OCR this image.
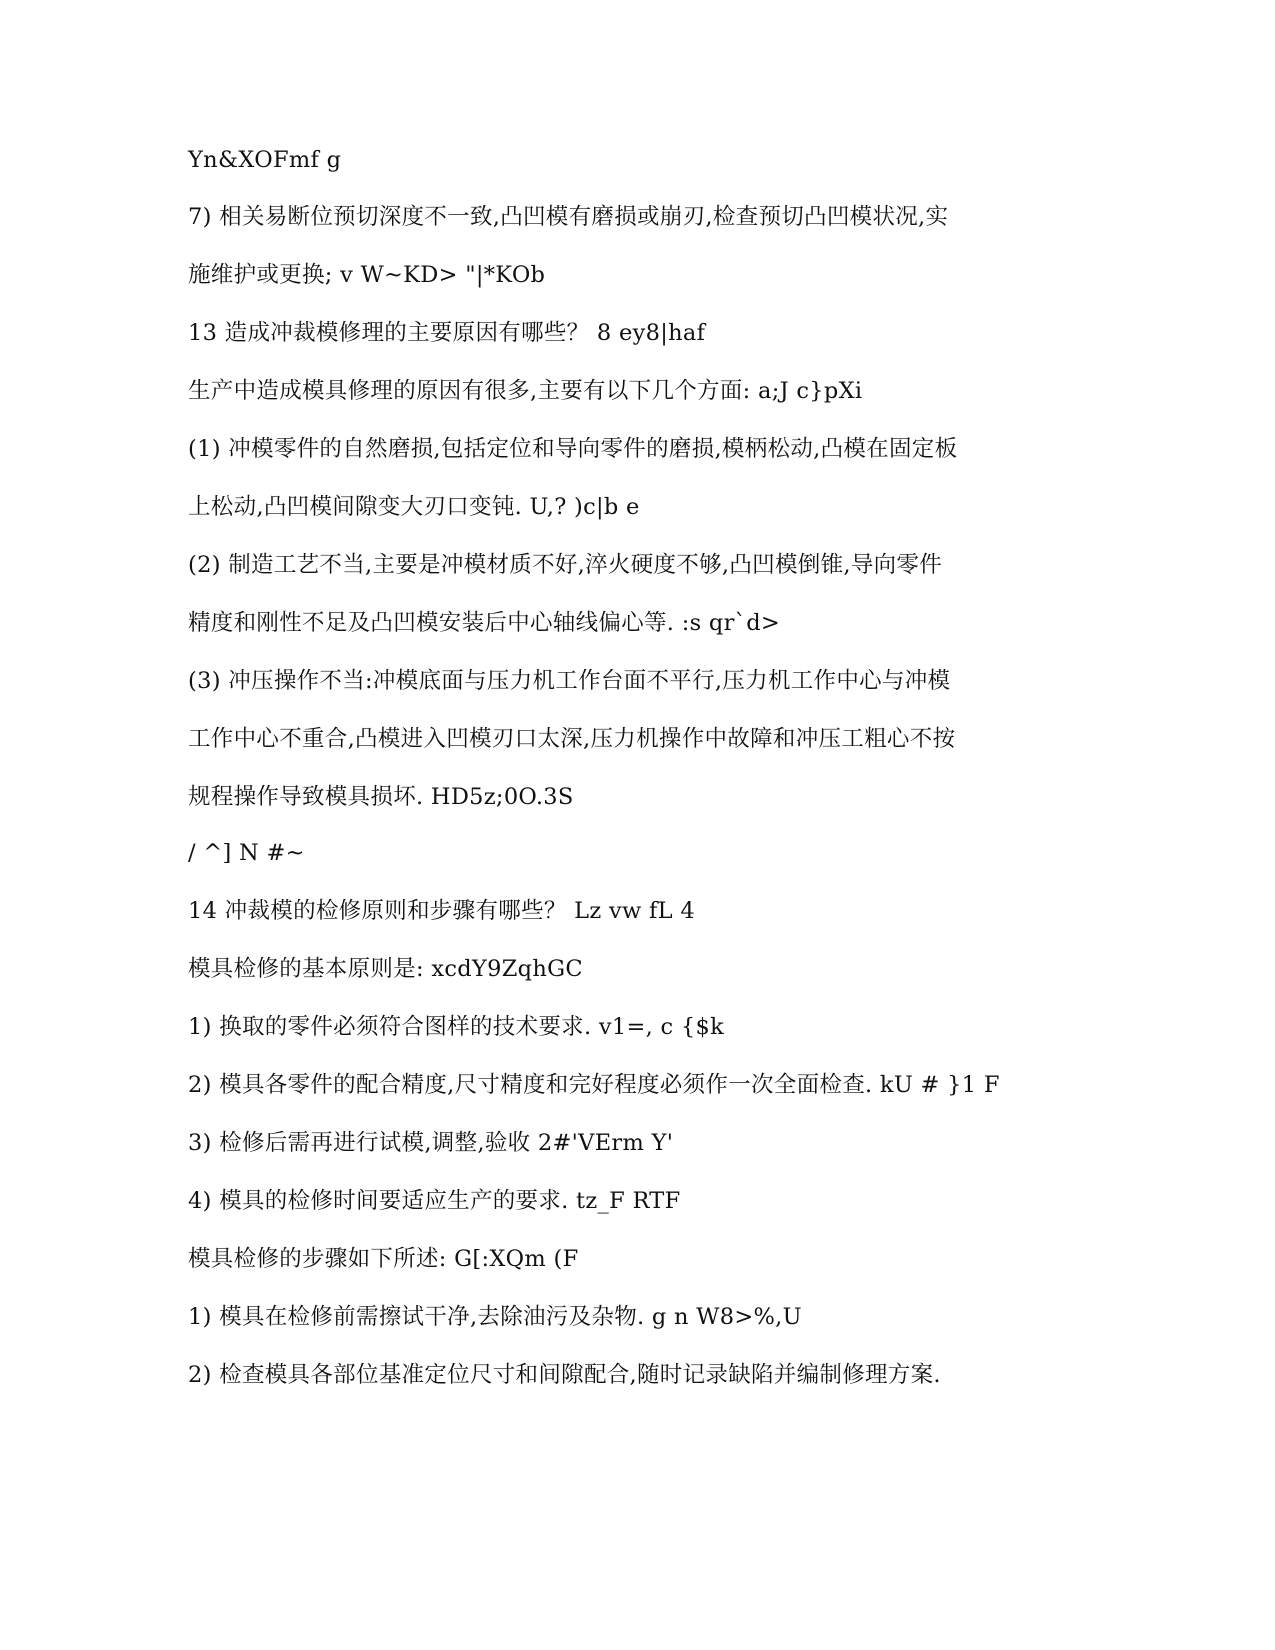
Yn&XOFmf g
7) 相关易断位预切深度不一致,凸凹模有磨损或崩刃,检查预切凸凹模状况,实
施维护或更换; v W~KD> "|*KOb
13 造成冲裁模修理的主要原因有哪些？ 8 ey8|haf
生产中造成模具修理的原因有很多,主要有以下几个方面: a;J c}pXi
(1) 冲模零件的自然磨损,包括定位和导向零件的磨损,模柄松动,凸模在固定板
上松动,凸凹模间隙变大刃口变钝. U,? )c|b e
(2) 制造工艺不当,主要是冲模材质不好,淬火硬度不够,凸凹模倒锥,导向零件
精度和刚性不足及凸凹模安装后中心轴线偏心等. :s qr`d>
(3) 冲压操作不当:冲模底面与压力机工作台面不平行,压力机工作中心与冲模
工作中心不重合,凸模进入凹模刃口太深,压力机操作中故障和冲压工粗心不按
规程操作导致模具损坏. HD5z;0O.3S
/ ^] N #~
14 冲裁模的检修原则和步骤有哪些？ Lz vw fL 4
模具检修的基本原则是: xcdY9ZqhGC
1) 换取的零件必须符合图样的技术要求. v1=, c {$k
2) 模具各零件的配合精度,尺寸精度和完好程度必须作一次全面检查. kU # }1 F
3) 检修后需再进行试模,调整,验收 2#'VErm Y'
4) 模具的检修时间要适应生产的要求. tz_F RTF
模具检修的步骤如下所述: G[:XQm (F
1) 模具在检修前需擦试干净,去除油污及杂物. g n W8>%,U
2) 检查模具各部位基准定位尺寸和间隙配合,随时记录缺陷并编制修理方案.
